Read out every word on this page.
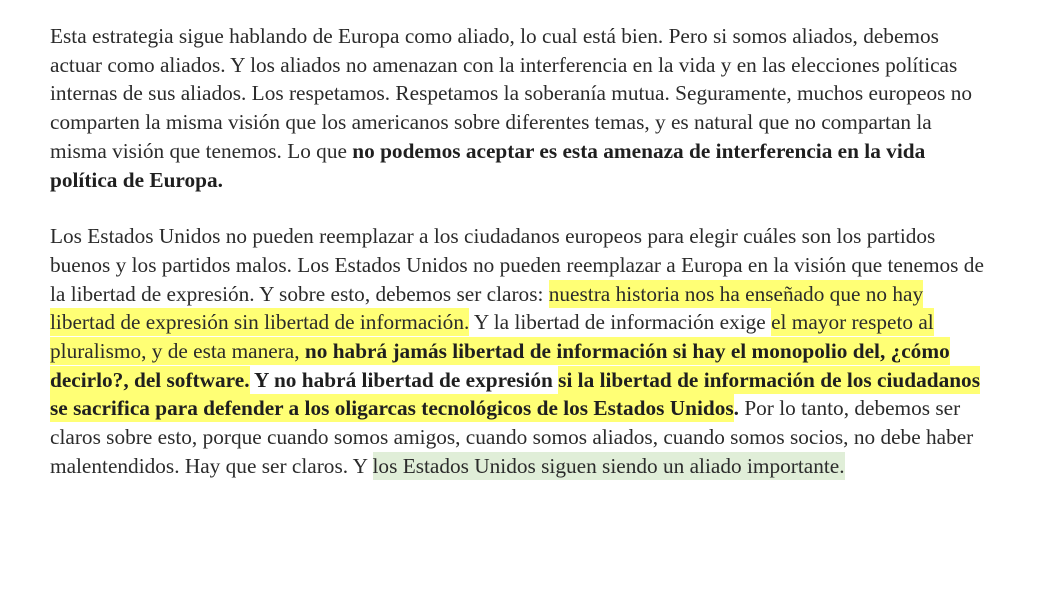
Esta estrategia sigue hablando de Europa como aliado, lo cual está bien. Pero si somos aliados, debemos actuar como aliados. Y los aliados no amenazan con la interferencia en la vida y en las elecciones políticas internas de sus aliados. Los respetamos. Respetamos la soberanía mutua. Seguramente, muchos europeos no comparten la misma visión que los americanos sobre diferentes temas, y es natural que no compartan la misma visión que tenemos. Lo que no podemos aceptar es esta amenaza de interferencia en la vida política de Europa.

Los Estados Unidos no pueden reemplazar a los ciudadanos europeos para elegir cuáles son los partidos buenos y los partidos malos. Los Estados Unidos no pueden reemplazar a Europa en la visión que tenemos de la libertad de expresión. Y sobre esto, debemos ser claros: nuestra historia nos ha enseñado que no hay libertad de expresión sin libertad de información. Y la libertad de información exige el mayor respeto al pluralismo, y de esta manera, no habrá jamás libertad de información si hay el monopolio del, ¿cómo decirlo?, del software. Y no habrá libertad de expresión si la libertad de información de los ciudadanos se sacrifica para defender a los oligarcas tecnológicos de los Estados Unidos. Por lo tanto, debemos ser claros sobre esto, porque cuando somos amigos, cuando somos aliados, cuando somos socios, no debe haber malentendidos. Hay que ser claros. Y los Estados Unidos siguen siendo un aliado importante.
